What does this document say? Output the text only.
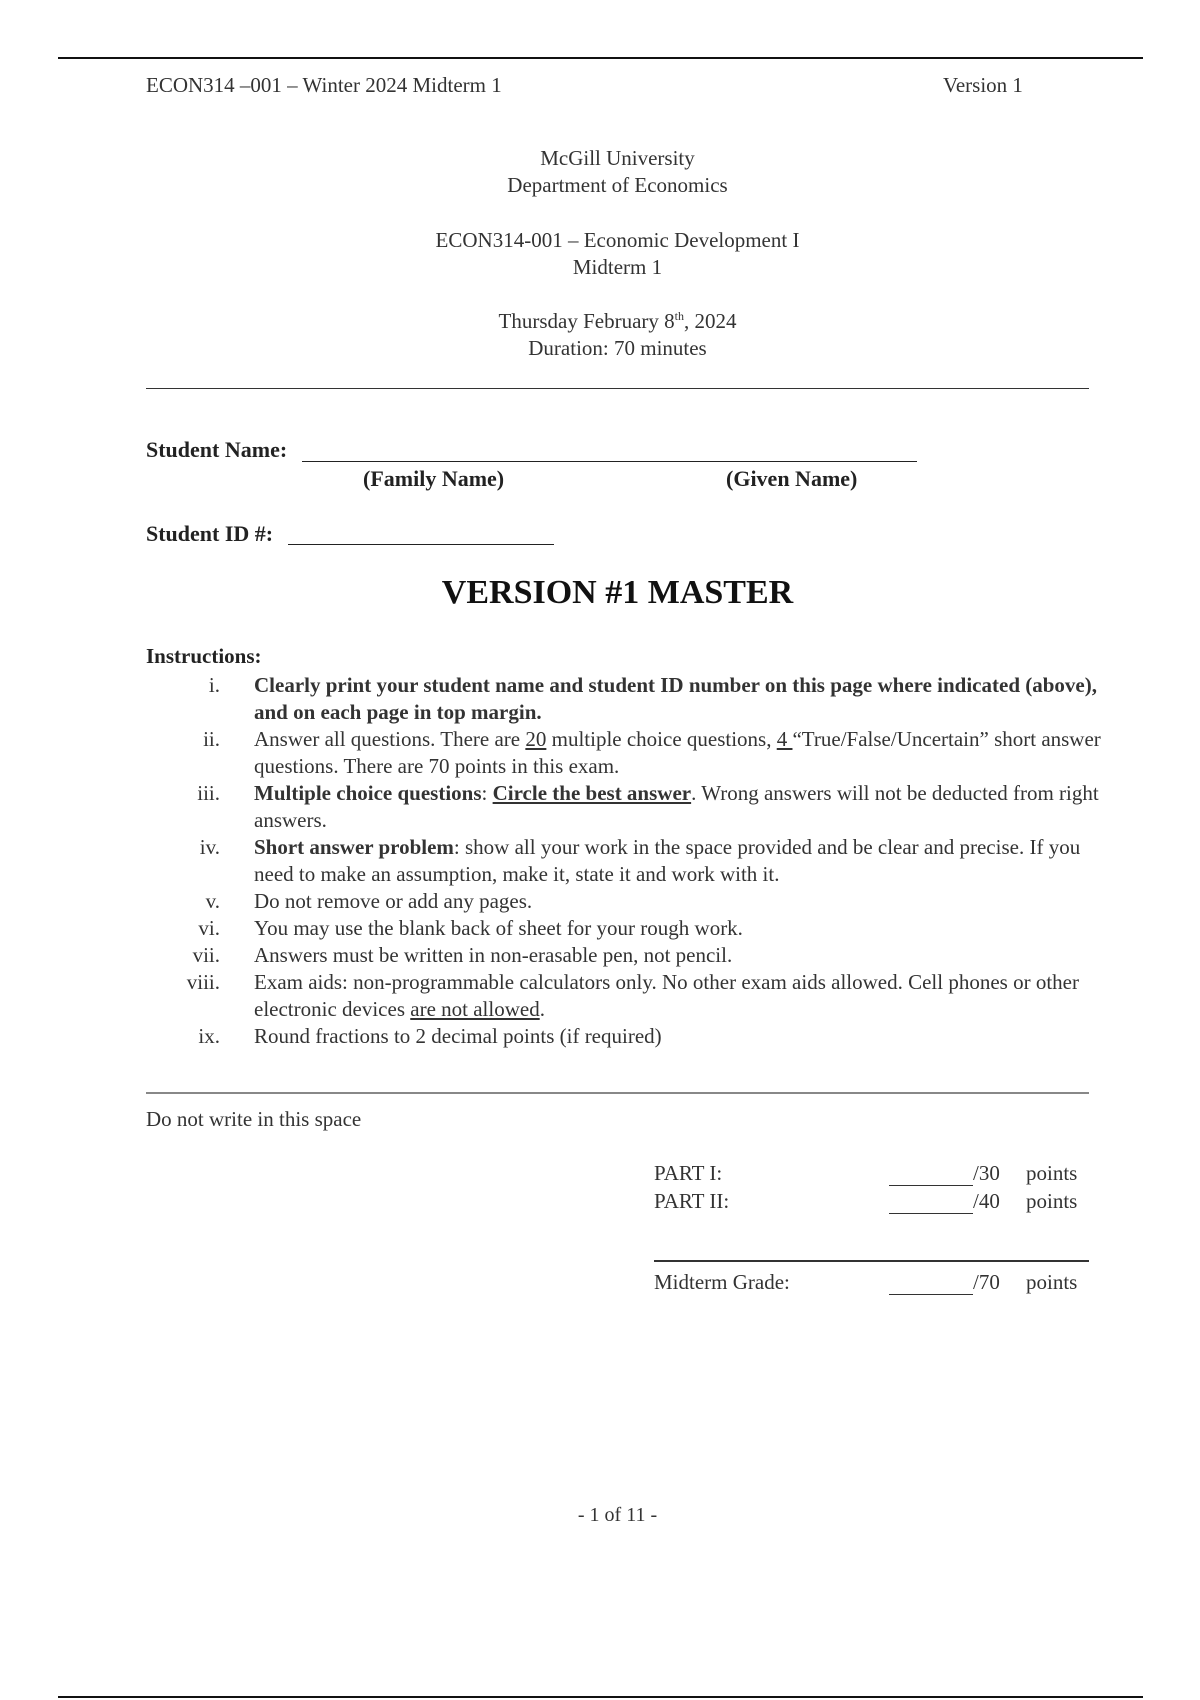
ECON314 –001 – Winter 2024 Midterm 1	Version 1
McGill University
Department of Economics
ECON314-001 – Economic Development I
Midterm 1
Thursday February 8th, 2024
Duration: 70 minutes
Student Name:
(Family Name)	(Given Name)
Student ID #:
VERSION #1 MASTER
Instructions:
i.	Clearly print your student name and student ID number on this page where indicated (above), and on each page in top margin.
ii.	Answer all questions. There are 20 multiple choice questions, 4 “True/False/Uncertain” short answer questions. There are 70 points in this exam.
iii.	Multiple choice questions: Circle the best answer. Wrong answers will not be deducted from right answers.
iv.	Short answer problem: show all your work in the space provided and be clear and precise. If you need to make an assumption, make it, state it and work with it.
v.	Do not remove or add any pages.
vi.	You may use the blank back of sheet for your rough work.
vii.	Answers must be written in non-erasable pen, not pencil.
viii.	Exam aids: non-programmable calculators only. No other exam aids allowed. Cell phones or other electronic devices are not allowed.
ix.	Round fractions to 2 decimal points (if required)
Do not write in this space
PART I:	/30 points
PART II:	/40 points
Midterm Grade:	/70 points
- 1 of 11 -
